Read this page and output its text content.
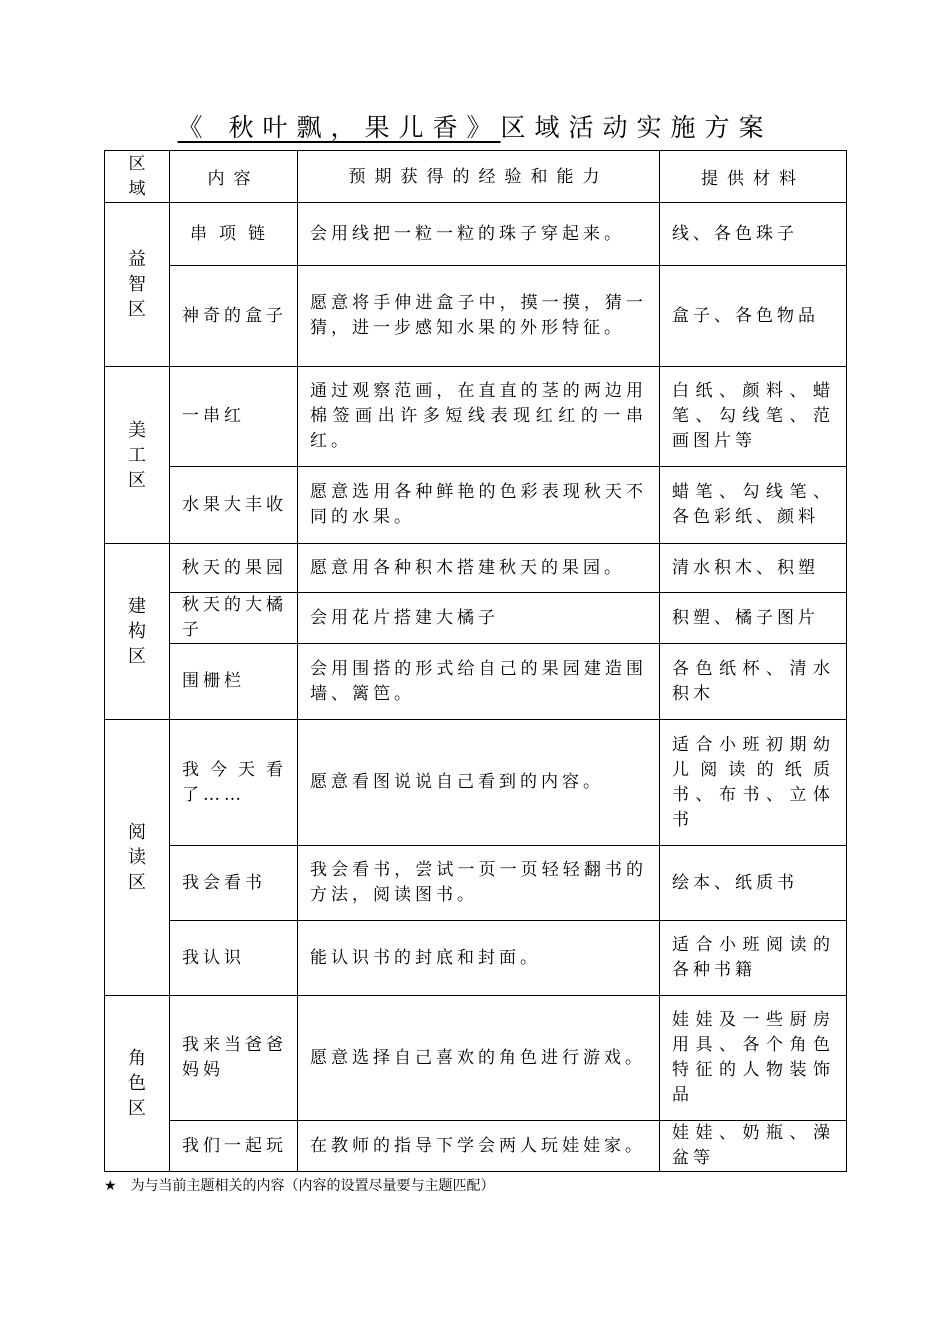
《 秋叶飘，果儿香》区域活动实施方案
区域	内容	预期获得的经验和能力	提供材料

益智区	串项链	会用线把一粒一粒的珠子穿起来。	线、各色珠子
	神奇的盒子	愿意将手伸进盒子中，摸一摸，猜一猜，进一步感知水果的外形特征。	盒子、各色物品

美工区	一串红	通过观察范画，在直直的茎的两边用棉签画出许多短线表现红红的一串红。	白纸、颜料、蜡笔、勾线笔、范画图片等
	水果大丰收	愿意选用各种鲜艳的色彩表现秋天不同的水果。	蜡笔、勾线笔、各色彩纸、颜料

建构区	秋天的果园	愿意用各种积木搭建秋天的果园。	清水积木、积塑
	秋天的大橘子	会用花片搭建大橘子	积塑、橘子图片
	围栅栏	会用围搭的形式给自己的果园建造围墙、篱笆。	各色纸杯、清水积木

阅读区	我今天看了……	愿意看图说说自己看到的内容。	适合小班初期幼儿阅读的纸质书、布书、立体书
	我会看书	我会看书，尝试一页一页轻轻翻书的方法，阅读图书。	绘本、纸质书
	我认识	能认识书的封底和封面。	适合小班阅读的各种书籍

角色区	我来当爸爸妈妈	愿意选择自己喜欢的角色进行游戏。	娃娃及一些厨房用具、各个角色特征的人物装饰品
	我们一起玩	在教师的指导下学会两人玩娃娃家。	娃娃、奶瓶、澡盆等
★ 为与当前主题相关的内容（内容的设置尽量要与主题匹配）
